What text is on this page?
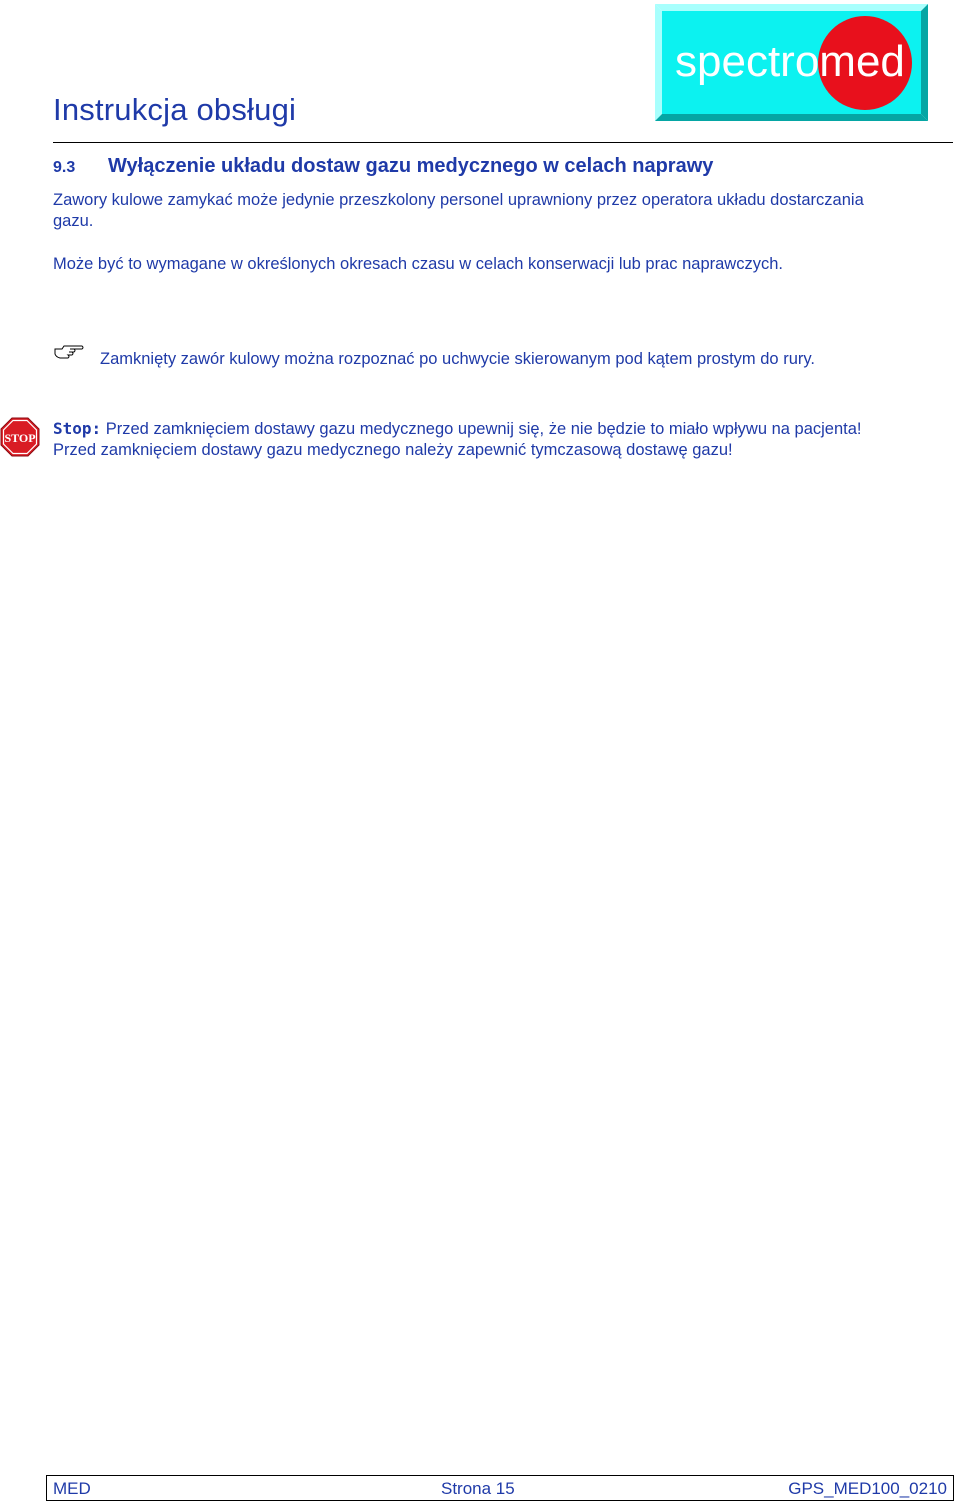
Instrukcja obsługi
spectromed
9.3 Wyłączenie układu dostaw gazu medycznego w celach naprawy
Zawory kulowe zamykać może jedynie przeszkolony personel uprawniony przez operatora układu dostarczania gazu.
Może być to wymagane w określonych okresach czasu w celach konserwacji lub prac naprawczych.
Zamknięty zawór kulowy można rozpoznać po uchwycie skierowanym pod kątem prostym do rury.
STOP Stop: Przed zamknięciem dostawy gazu medycznego upewnij się, że nie będzie to miało wpływu na pacjenta! Przed zamknięciem dostawy gazu medycznego należy zapewnić tymczasową dostawę gazu!
MED	Strona 15	GPS_MED100_0210
